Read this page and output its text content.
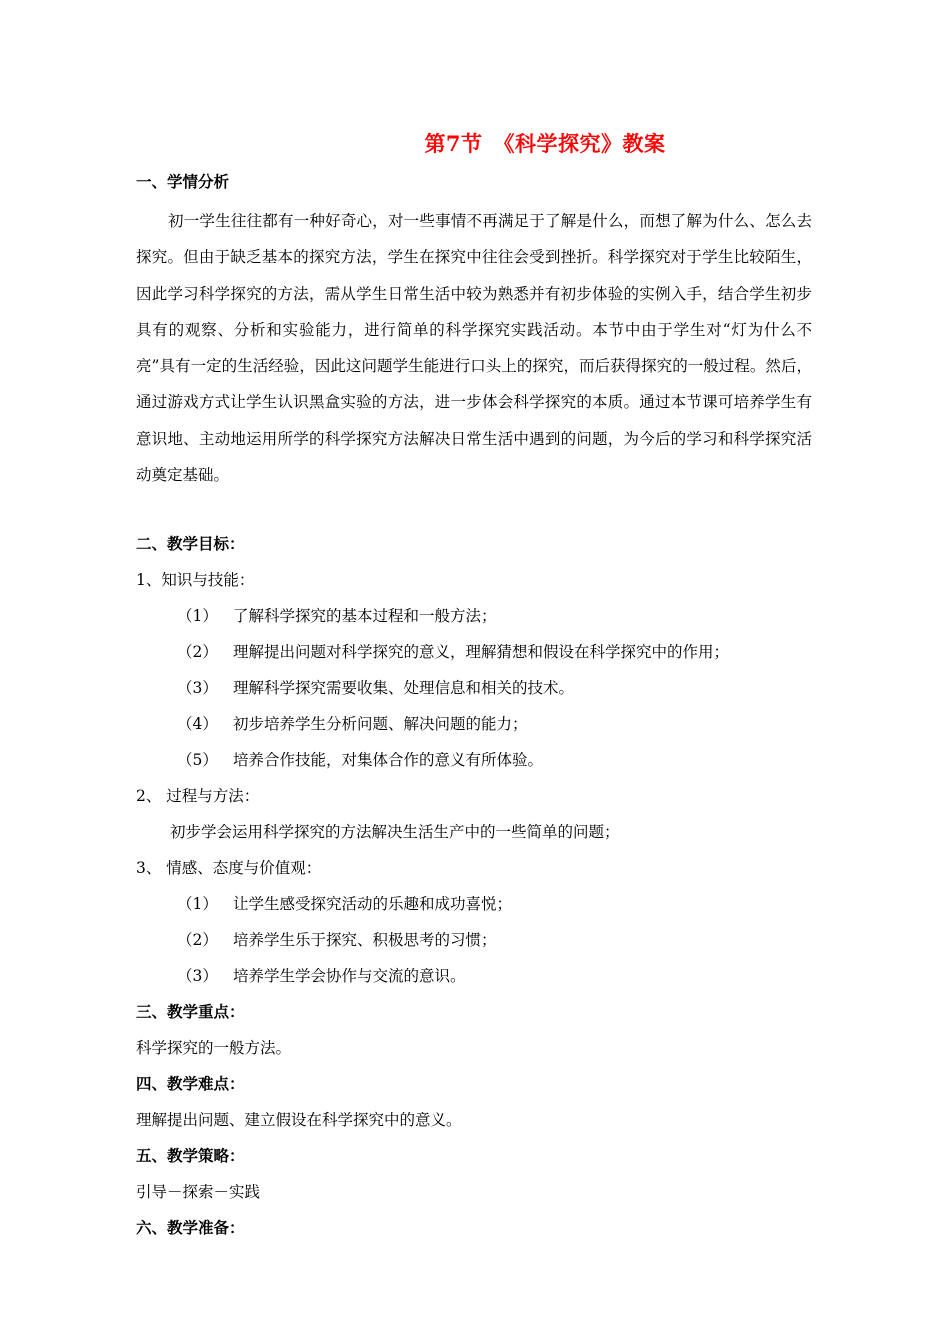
第7节　《科学探究》教案
一、学情分析
初一学生往往都有一种好奇心，对一些事情不再满足于了解是什么，而想了解为什么、怎么去探究。但由于缺乏基本的探究方法，学生在探究中往往会受到挫折。科学探究对于学生比较陌生，因此学习科学探究的方法，需从学生日常生活中较为熟悉并有初步体验的实例入手，结合学生初步具有的观察、分析和实验能力，进行简单的科学探究实践活动。本节中由于学生对“灯为什么不亮”具有一定的生活经验，因此这问题学生能进行口头上的探究，而后获得探究的一般过程。然后，通过游戏方式让学生认识黑盒实验的方法，进一步体会科学探究的本质。通过本节课可培养学生有意识地、主动地运用所学的科学探究方法解决日常生活中遇到的问题，为今后的学习和科学探究活动奠定基础。
二、教学目标：
1、知识与技能：
（1） 了解科学探究的基本过程和一般方法；
（2） 理解提出问题对科学探究的意义，理解猜想和假设在科学探究中的作用；
（3） 理解科学探究需要收集、处理信息和相关的技术。
（4） 初步培养学生分析问题、解决问题的能力；
（5） 培养合作技能，对集体合作的意义有所体验。
2、 过程与方法：
初步学会运用科学探究的方法解决生活生产中的一些简单的问题；
3、 情感、态度与价值观：
（1） 让学生感受探究活动的乐趣和成功喜悦；
（2） 培养学生乐于探究、积极思考的习惯；
（3） 培养学生学会协作与交流的意识。
三、教学重点：
科学探究的一般方法。
四、教学难点：
理解提出问题、建立假设在科学探究中的意义。
五、教学策略：
引导－探索－实践
六、教学准备：
